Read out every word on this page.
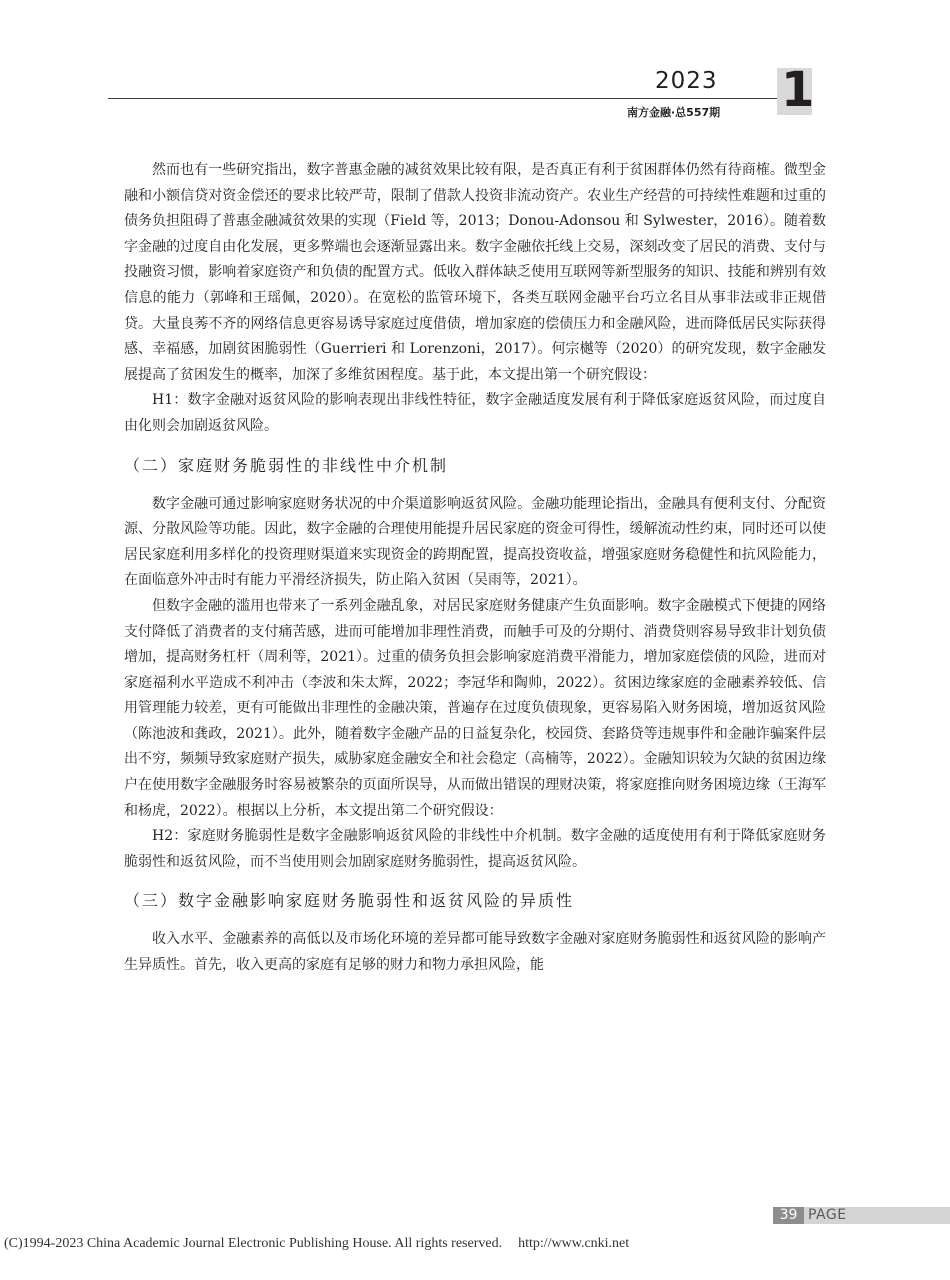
2023
南方金融·总557期 1

然而也有一些研究指出，数字普惠金融的减贫效果比较有限，是否真正有利于贫困群体仍然有待商榷。微型金融和小额信贷对资金偿还的要求比较严苛，限制了借款人投资非流动资产。农业生产经营的可持续性难题和过重的债务负担阻碍了普惠金融减贫效果的实现（Field 等，2013；Donou-Adonsou 和 Sylwester，2016）。随着数字金融的过度自由化发展，更多弊端也会逐渐显露出来。数字金融依托线上交易，深刻改变了居民的消费、支付与投融资习惯，影响着家庭资产和负债的配置方式。低收入群体缺乏使用互联网等新型服务的知识、技能和辨别有效信息的能力（郭峰和王瑶佩，2020）。在宽松的监管环境下，各类互联网金融平台巧立名目从事非法或非正规借贷。大量良莠不齐的网络信息更容易诱导家庭过度借债，增加家庭的偿债压力和金融风险，进而降低居民实际获得感、幸福感，加剧贫困脆弱性（Guerrieri 和 Lorenzoni，2017）。何宗樾等（2020）的研究发现，数字金融发展提高了贫困发生的概率，加深了多维贫困程度。基于此，本文提出第一个研究假设：

H1：数字金融对返贫风险的影响表现出非线性特征，数字金融适度发展有利于降低家庭返贫风险，而过度自由化则会加剧返贫风险。

（二）家庭财务脆弱性的非线性中介机制

数字金融可通过影响家庭财务状况的中介渠道影响返贫风险。金融功能理论指出，金融具有便利支付、分配资源、分散风险等功能。因此，数字金融的合理使用能提升居民家庭的资金可得性，缓解流动性约束，同时还可以使居民家庭利用多样化的投资理财渠道来实现资金的跨期配置，提高投资收益，增强家庭财务稳健性和抗风险能力，在面临意外冲击时有能力平滑经济损失，防止陷入贫困（吴雨等，2021）。

但数字金融的滥用也带来了一系列金融乱象，对居民家庭财务健康产生负面影响。数字金融模式下便捷的网络支付降低了消费者的支付痛苦感，进而可能增加非理性消费，而触手可及的分期付、消费贷则容易导致非计划负债增加，提高财务杠杆（周利等，2021）。过重的债务负担会影响家庭消费平滑能力，增加家庭偿债的风险，进而对家庭福利水平造成不利冲击（李波和朱太辉，2022；李冠华和陶帅，2022）。贫困边缘家庭的金融素养较低、信用管理能力较差，更有可能做出非理性的金融决策，普遍存在过度负债现象，更容易陷入财务困境，增加返贫风险（陈池波和龚政，2021）。此外，随着数字金融产品的日益复杂化，校园贷、套路贷等违规事件和金融诈骗案件层出不穷，频频导致家庭财产损失，威胁家庭金融安全和社会稳定（高楠等，2022）。金融知识较为欠缺的贫困边缘户在使用数字金融服务时容易被繁杂的页面所误导，从而做出错误的理财决策，将家庭推向财务困境边缘（王海军和杨虎，2022）。根据以上分析，本文提出第二个研究假设：

H2：家庭财务脆弱性是数字金融影响返贫风险的非线性中介机制。数字金融的适度使用有利于降低家庭财务脆弱性和返贫风险，而不当使用则会加剧家庭财务脆弱性，提高返贫风险。

（三）数字金融影响家庭财务脆弱性和返贫风险的异质性

收入水平、金融素养的高低以及市场化环境的差异都可能导致数字金融对家庭财务脆弱性和返贫风险的影响产生异质性。首先，收入更高的家庭有足够的财力和物力承担风险，能

39 PAGE
(C)1994-2023 China Academic Journal Electronic Publishing House. All rights reserved. http://www.cnki.net
